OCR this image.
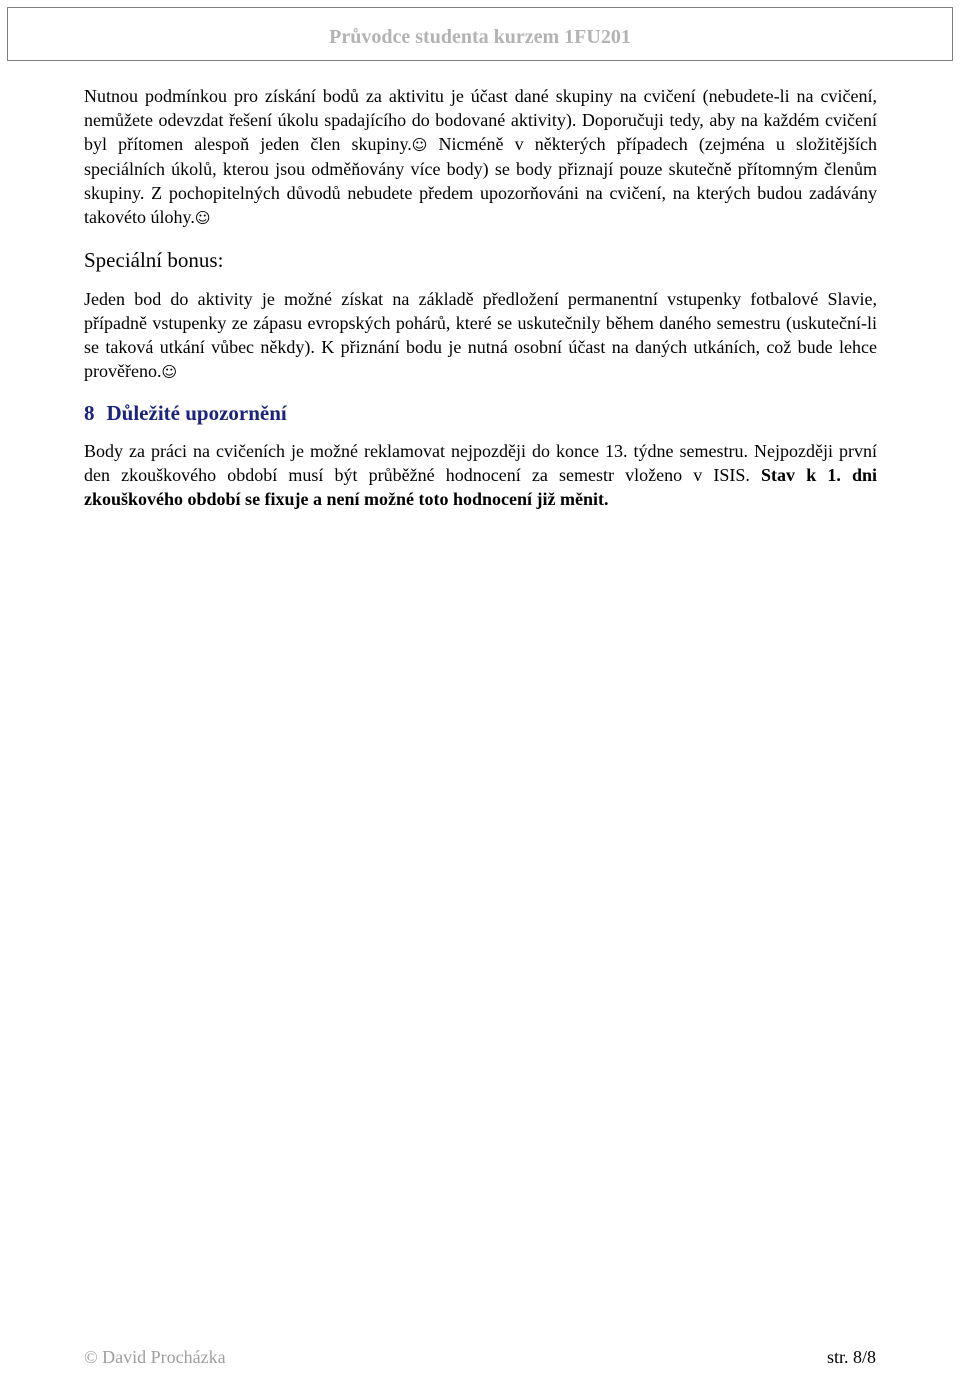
Průvodce studenta kurzem 1FU201

Nutnou podmínkou pro získání bodů za aktivitu je účast dané skupiny na cvičení (nebudete-li na cvičení, nemůžete odevzdat řešení úkolu spadajícího do bodované aktivity). Doporučuji tedy, aby na každém cvičení byl přítomen alespoň jeden člen skupiny.☺ Nicméně v některých případech (zejména u složitějších speciálních úkolů, kterou jsou odměňovány více body) se body přiznají pouze skutečně přítomným členům skupiny. Z pochopitelných důvodů nebudete předem upozorňováni na cvičení, na kterých budou zadávány takovéto úlohy.☺

Speciální bonus:

Jeden bod do aktivity je možné získat na základě předložení permanentní vstupenky fotbalové Slavie, případně vstupenky ze zápasu evropských pohárů, které se uskutečnily během daného semestru (uskuteční-li se taková utkání vůbec někdy). K přiznání bodu je nutná osobní účast na daných utkáních, což bude lehce prověřeno.☺

8 Důležité upozornění

Body za práci na cvičeních je možné reklamovat nejpozději do konce 13. týdne semestru. Nejpozději první den zkouškového období musí být průběžné hodnocení za semestr vloženo v ISIS. Stav k 1. dni zkouškového období se fixuje a není možné toto hodnocení již měnit.

© David Procházka	str. 8/8
